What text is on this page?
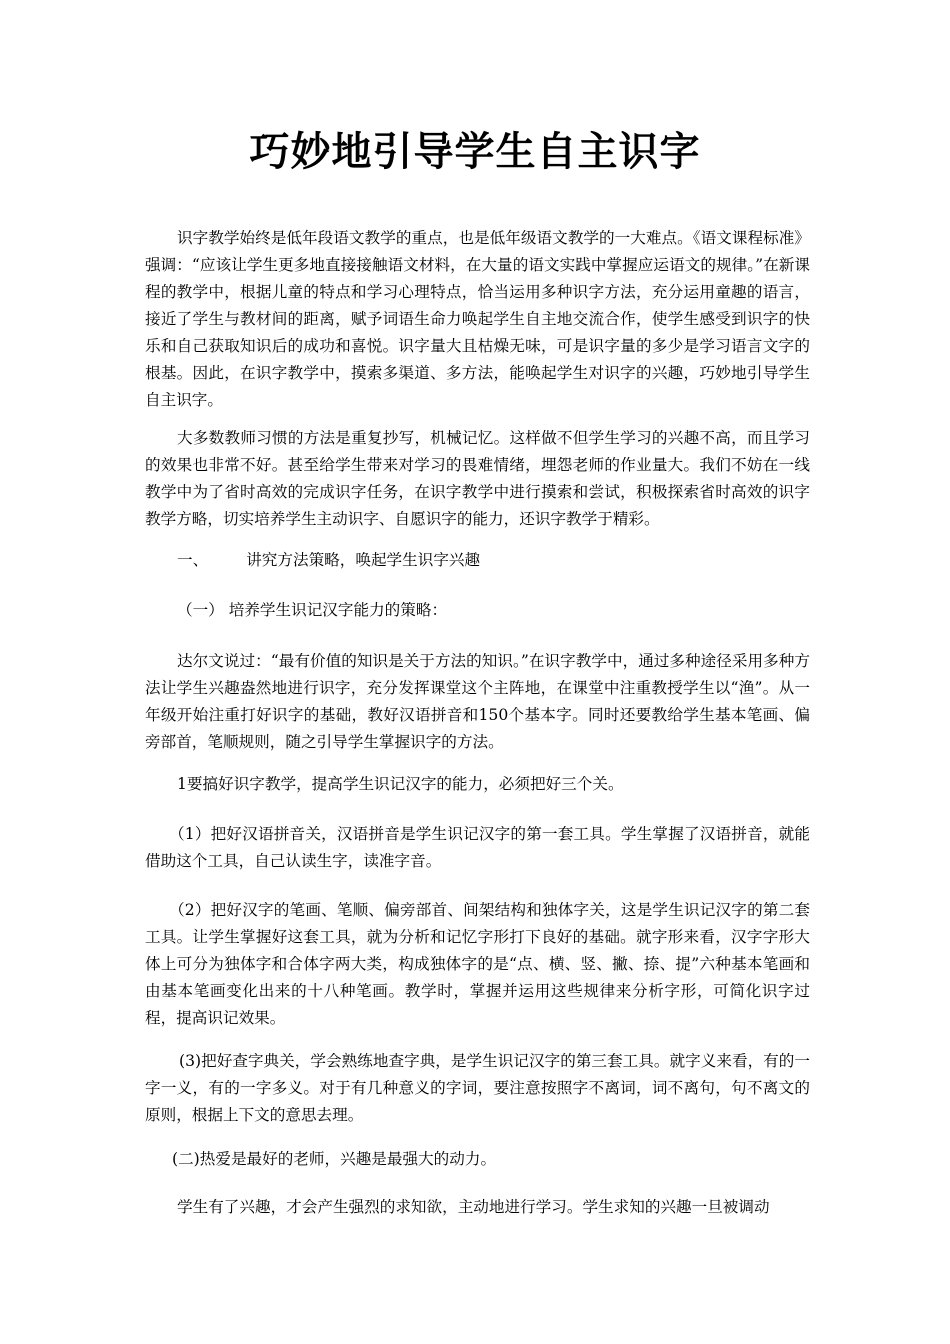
巧妙地引导学生自主识字

识字教学始终是低年段语文教学的重点，也是低年级语文教学的一大难点。《语文课程标准》强调：“应该让学生更多地直接接触语文材料，在大量的语文实践中掌握应运语文的规律。”在新课程的教学中，根据儿童的特点和学习心理特点，恰当运用多种识字方法，充分运用童趣的语言，接近了学生与教材间的距离，赋予词语生命力唤起学生自主地交流合作，使学生感受到识字的快乐和自己获取知识后的成功和喜悦。识字量大且枯燥无味，可是识字量的多少是学习语言文字的根基。因此，在识字教学中，摸索多渠道、多方法，能唤起学生对识字的兴趣，巧妙地引导学生自主识字。

大多数教师习惯的方法是重复抄写，机械记忆。这样做不但学生学习的兴趣不高，而且学习的效果也非常不好。甚至给学生带来对学习的畏难情绪，埋怨老师的作业量大。我们不妨在一线教学中为了省时高效的完成识字任务，在识字教学中进行摸索和尝试，积极探索省时高效的识字教学方略，切实培养学生主动识字、自愿识字的能力，还识字教学于精彩。

一、 讲究方法策略，唤起学生识字兴趣

（一） 培养学生识记汉字能力的策略：

达尔文说过：“最有价值的知识是关于方法的知识。”在识字教学中，通过多种途径采用多种方法让学生兴趣盎然地进行识字，充分发挥课堂这个主阵地，在课堂中注重教授学生以“渔”。从一年级开始注重打好识字的基础，教好汉语拼音和150个基本字。同时还要教给学生基本笔画、偏旁部首，笔顺规则，随之引导学生掌握识字的方法。

1要搞好识字教学，提高学生识记汉字的能力，必须把好三个关。

（1）把好汉语拼音关，汉语拼音是学生识记汉字的第一套工具。学生掌握了汉语拼音，就能借助这个工具，自己认读生字，读准字音。

（2）把好汉字的笔画、笔顺、偏旁部首、间架结构和独体字关，这是学生识记汉字的第二套工具。让学生掌握好这套工具，就为分析和记忆字形打下良好的基础。就字形来看，汉字字形大体上可分为独体字和合体字两大类，构成独体字的是“点、横、竖、撇、捺、提”六种基本笔画和由基本笔画变化出来的十八种笔画。教学时，掌握并运用这些规律来分析字形，可简化识字过程，提高识记效果。

(3)把好查字典关，学会熟练地查字典，是学生识记汉字的第三套工具。就字义来看，有的一字一义，有的一字多义。对于有几种意义的字词，要注意按照字不离词，词不离句，句不离文的原则，根据上下文的意思去理。

(二)热爱是最好的老师，兴趣是最强大的动力。

学生有了兴趣，才会产生强烈的求知欲，主动地进行学习。学生求知的兴趣一旦被调动
